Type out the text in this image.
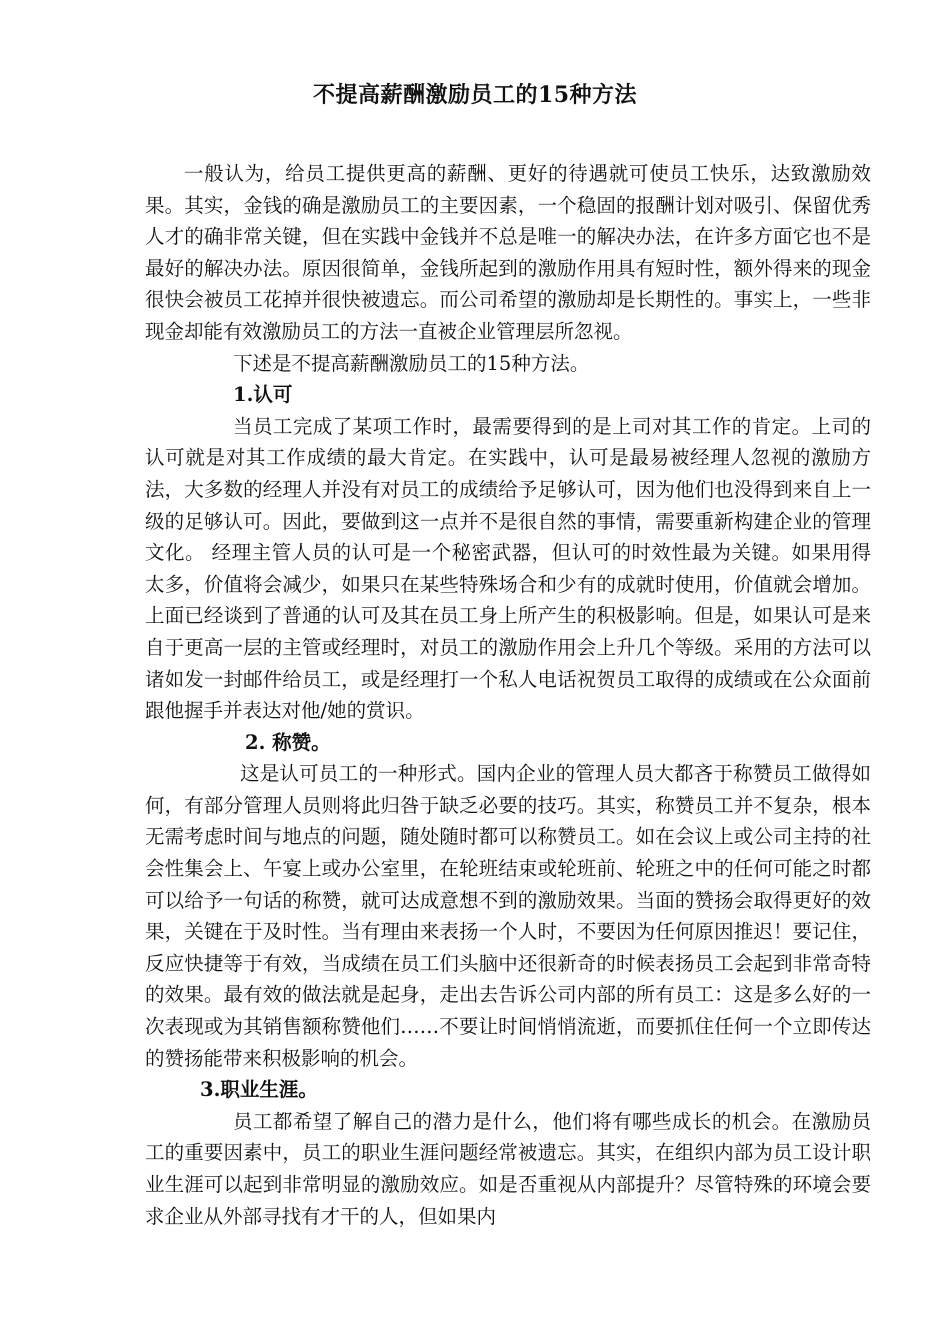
不提高薪酬激励员工的15种方法

一般认为，给员工提供更高的薪酬、更好的待遇就可使员工快乐，达致激励效果。其实，金钱的确是激励员工的主要因素，一个稳固的报酬计划对吸引、保留优秀人才的确非常关键，但在实践中金钱并不总是唯一的解决办法，在许多方面它也不是最好的解决办法。原因很简单，金钱所起到的激励作用具有短时性，额外得来的现金很快会被员工花掉并很快被遗忘。而公司希望的激励却是长期性的。事实上，一些非现金却能有效激励员工的方法一直被企业管理层所忽视。

下述是不提高薪酬激励员工的15种方法。

1.认可

当员工完成了某项工作时，最需要得到的是上司对其工作的肯定。上司的认可就是对其工作成绩的最大肯定。在实践中，认可是最易被经理人忽视的激励方法，大多数的经理人并没有对员工的成绩给予足够认可，因为他们也没得到来自上一级的足够认可。因此，要做到这一点并不是很自然的事情，需要重新构建企业的管理文化。 经理主管人员的认可是一个秘密武器，但认可的时效性最为关键。如果用得太多，价值将会减少，如果只在某些特殊场合和少有的成就时使用，价值就会增加。上面已经谈到了普通的认可及其在员工身上所产生的积极影响。但是，如果认可是来自于更高一层的主管或经理时，对员工的激励作用会上升几个等级。采用的方法可以诸如发一封邮件给员工，或是经理打一个私人电话祝贺员工取得的成绩或在公众面前跟他握手并表达对他/她的赏识。

2. 称赞。

这是认可员工的一种形式。国内企业的管理人员大都吝于称赞员工做得如何，有部分管理人员则将此归咎于缺乏必要的技巧。其实，称赞员工并不复杂，根本无需考虑时间与地点的问题，随处随时都可以称赞员工。如在会议上或公司主持的社会性集会上、午宴上或办公室里，在轮班结束或轮班前、轮班之中的任何可能之时都可以给予一句话的称赞，就可达成意想不到的激励效果。当面的赞扬会取得更好的效果，关键在于及时性。当有理由来表扬一个人时，不要因为任何原因推迟！要记住，反应快捷等于有效，当成绩在员工们头脑中还很新奇的时候表扬员工会起到非常奇特的效果。最有效的做法就是起身，走出去告诉公司内部的所有员工：这是多么好的一次表现或为其销售额称赞他们……不要让时间悄悄流逝，而要抓住任何一个立即传达的赞扬能带来积极影响的机会。

3.职业生涯。

员工都希望了解自己的潜力是什么，他们将有哪些成长的机会。在激励员工的重要因素中，员工的职业生涯问题经常被遗忘。其实，在组织内部为员工设计职业生涯可以起到非常明显的激励效应。如是否重视从内部提升？尽管特殊的环境会要求企业从外部寻找有才干的人，但如果内
